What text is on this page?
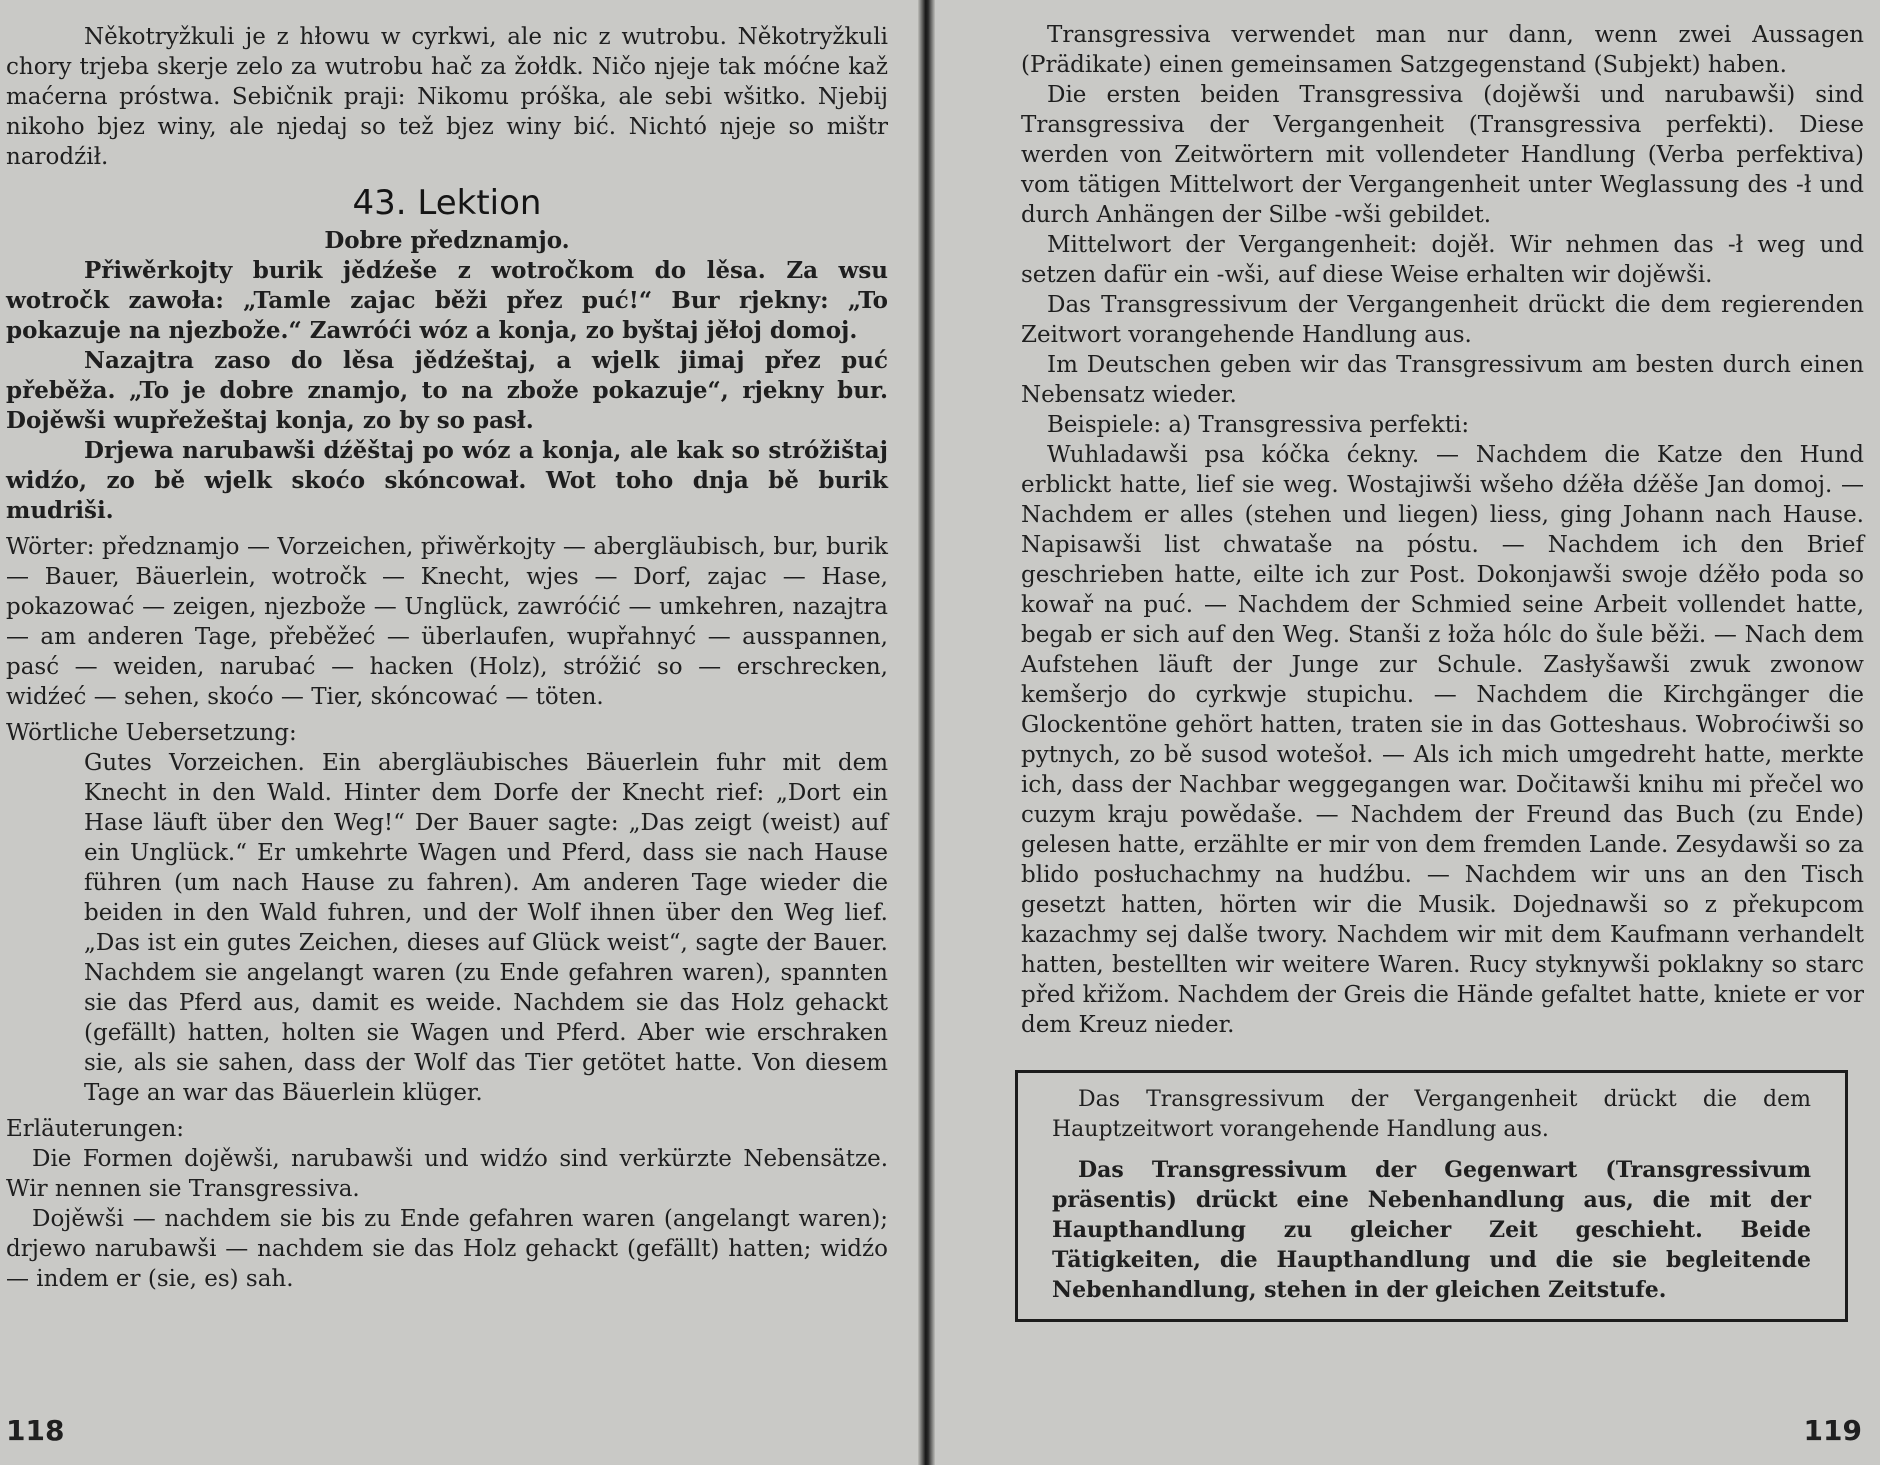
Někotryžkuli je z hłowu w cyrkwi, ale nic z wutrobu. Někotryžkuli chory trjeba skerje zelo za wutrobu hač za žołdk. Ničo njeje tak móćne kaž maćerna próstwa. Sebičnik praji: Nikomu próška, ale sebi wšitko. Njebij nikoho bjez winy, ale njedaj so tež bjez winy bić. Nichtó njeje so mištr narodźił.

43. Lektion
Dobre předznamjo.

Přiwěrkojty burik jědźeše z wotročkom do lěsa. Za wsu wotročk zawoła: „Tamle zajac běži přez puć!“ Bur rjekny: „To pokazuje na njezbože.“ Zawróći wóz a konja, zo byštaj jěłoj domoj.

Nazajtra zaso do lěsa jědźeštaj, a wjelk jimaj přez puć přeběža. „To je dobre znamjo, to na zbože pokazuje“, rjekny bur. Dojěwši wupřežeštaj konja, zo by so pasł.

Drjewa narubawši dźěštaj po wóz a konja, ale kak so stróžištaj widźo, zo bě wjelk skoćo skóncował. Wot toho dnja bě burik mudriši.

Wörter: předznamjo — Vorzeichen, přiwěrkojty — abergläubisch, bur, burik — Bauer, Bäuerlein, wotročk — Knecht, wjes — Dorf, zajac — Hase, pokazować — zeigen, njezbože — Unglück, zawróćić — umkehren, nazajtra — am anderen Tage, přeběžeć — überlaufen, wupřahnyć — ausspannen, pasć — weiden, narubać — hacken (Holz), stróžić so — erschrecken, widźeć — sehen, skoćo — Tier, skóncować — töten.

Wörtliche Uebersetzung:

Gutes Vorzeichen. Ein abergläubisches Bäuerlein fuhr mit dem Knecht in den Wald. Hinter dem Dorfe der Knecht rief: „Dort ein Hase läuft über den Weg!“ Der Bauer sagte: „Das zeigt (weist) auf ein Unglück.“ Er umkehrte Wagen und Pferd, dass sie nach Hause führen (um nach Hause zu fahren). Am anderen Tage wieder die beiden in den Wald fuhren, und der Wolf ihnen über den Weg lief. „Das ist ein gutes Zeichen, dieses auf Glück weist“, sagte der Bauer. Nachdem sie angelangt waren (zu Ende gefahren waren), spannten sie das Pferd aus, damit es weide. Nachdem sie das Holz gehackt (gefällt) hatten, holten sie Wagen und Pferd. Aber wie erschraken sie, als sie sahen, dass der Wolf das Tier getötet hatte. Von diesem Tage an war das Bäuerlein klüger.

Erläuterungen:

Die Formen dojěwši, narubawši und widźo sind verkürzte Nebensätze. Wir nennen sie Transgressiva.

Dojěwši — nachdem sie bis zu Ende gefahren waren (angelangt waren); drjewo narubawši — nachdem sie das Holz gehackt (gefällt) hatten; widźo — indem er (sie, es) sah.

118

Transgressiva verwendet man nur dann, wenn zwei Aussagen (Prädikate) einen gemeinsamen Satzgegenstand (Subjekt) haben.

Die ersten beiden Transgressiva (dojěwši und narubawši) sind Transgressiva der Vergangenheit (Transgressiva perfekti). Diese werden von Zeitwörtern mit vollendeter Handlung (Verba perfektiva) vom tätigen Mittelwort der Vergangenheit unter Weglassung des -ł und durch Anhängen der Silbe -wši gebildet.

Mittelwort der Vergangenheit: dojěł. Wir nehmen das -ł weg und setzen dafür ein -wši, auf diese Weise erhalten wir dojěwši.

Das Transgressivum der Vergangenheit drückt die dem regierenden Zeitwort vorangehende Handlung aus.

Im Deutschen geben wir das Transgressivum am besten durch einen Nebensatz wieder.

Beispiele: a) Transgressiva perfekti:

Wuhladawši psa kóčka ćekny. — Nachdem die Katze den Hund erblickt hatte, lief sie weg. Wostajiwši wšeho dźěła dźěše Jan domoj. — Nachdem er alles (stehen und liegen) liess, ging Johann nach Hause. Napisawši list chwataše na póstu. — Nachdem ich den Brief geschrieben hatte, eilte ich zur Post. Dokonjawši swoje dźěło poda so kowař na puć. — Nachdem der Schmied seine Arbeit vollendet hatte, begab er sich auf den Weg. Stanši z łoža hólc do šule běži. — Nach dem Aufstehen läuft der Junge zur Schule. Zasłyšawši zwuk zwonow kemšerjo do cyrkwje stupichu. — Nachdem die Kirchgänger die Glockentöne gehört hatten, traten sie in das Gotteshaus. Wobroćiwši so pytnych, zo bě susod wotešoł. — Als ich mich umgedreht hatte, merkte ich, dass der Nachbar weggegangen war. Dočitawši knihu mi přečel wo cuzym kraju powědaše. — Nachdem der Freund das Buch (zu Ende) gelesen hatte, erzählte er mir von dem fremden Lande. Zesydawši so za blido posłuchachmy na hudźbu. — Nachdem wir uns an den Tisch gesetzt hatten, hörten wir die Musik. Dojednawši so z překupcom kazachmy sej dalše twory. Nachdem wir mit dem Kaufmann verhandelt hatten, bestellten wir weitere Waren. Rucy styknywši poklakny so starc před křižom. Nachdem der Greis die Hände gefaltet hatte, kniete er vor dem Kreuz nieder.

Das Transgressivum der Vergangenheit drückt die dem Hauptzeitwort vorangehende Handlung aus.

Das Transgressivum der Gegenwart (Transgressivum präsentis) drückt eine Nebenhandlung aus, die mit der Haupthandlung zu gleicher Zeit geschieht. Beide Tätigkeiten, die Haupthandlung und die sie begleitende Nebenhandlung, stehen in der gleichen Zeitstufe.

119
